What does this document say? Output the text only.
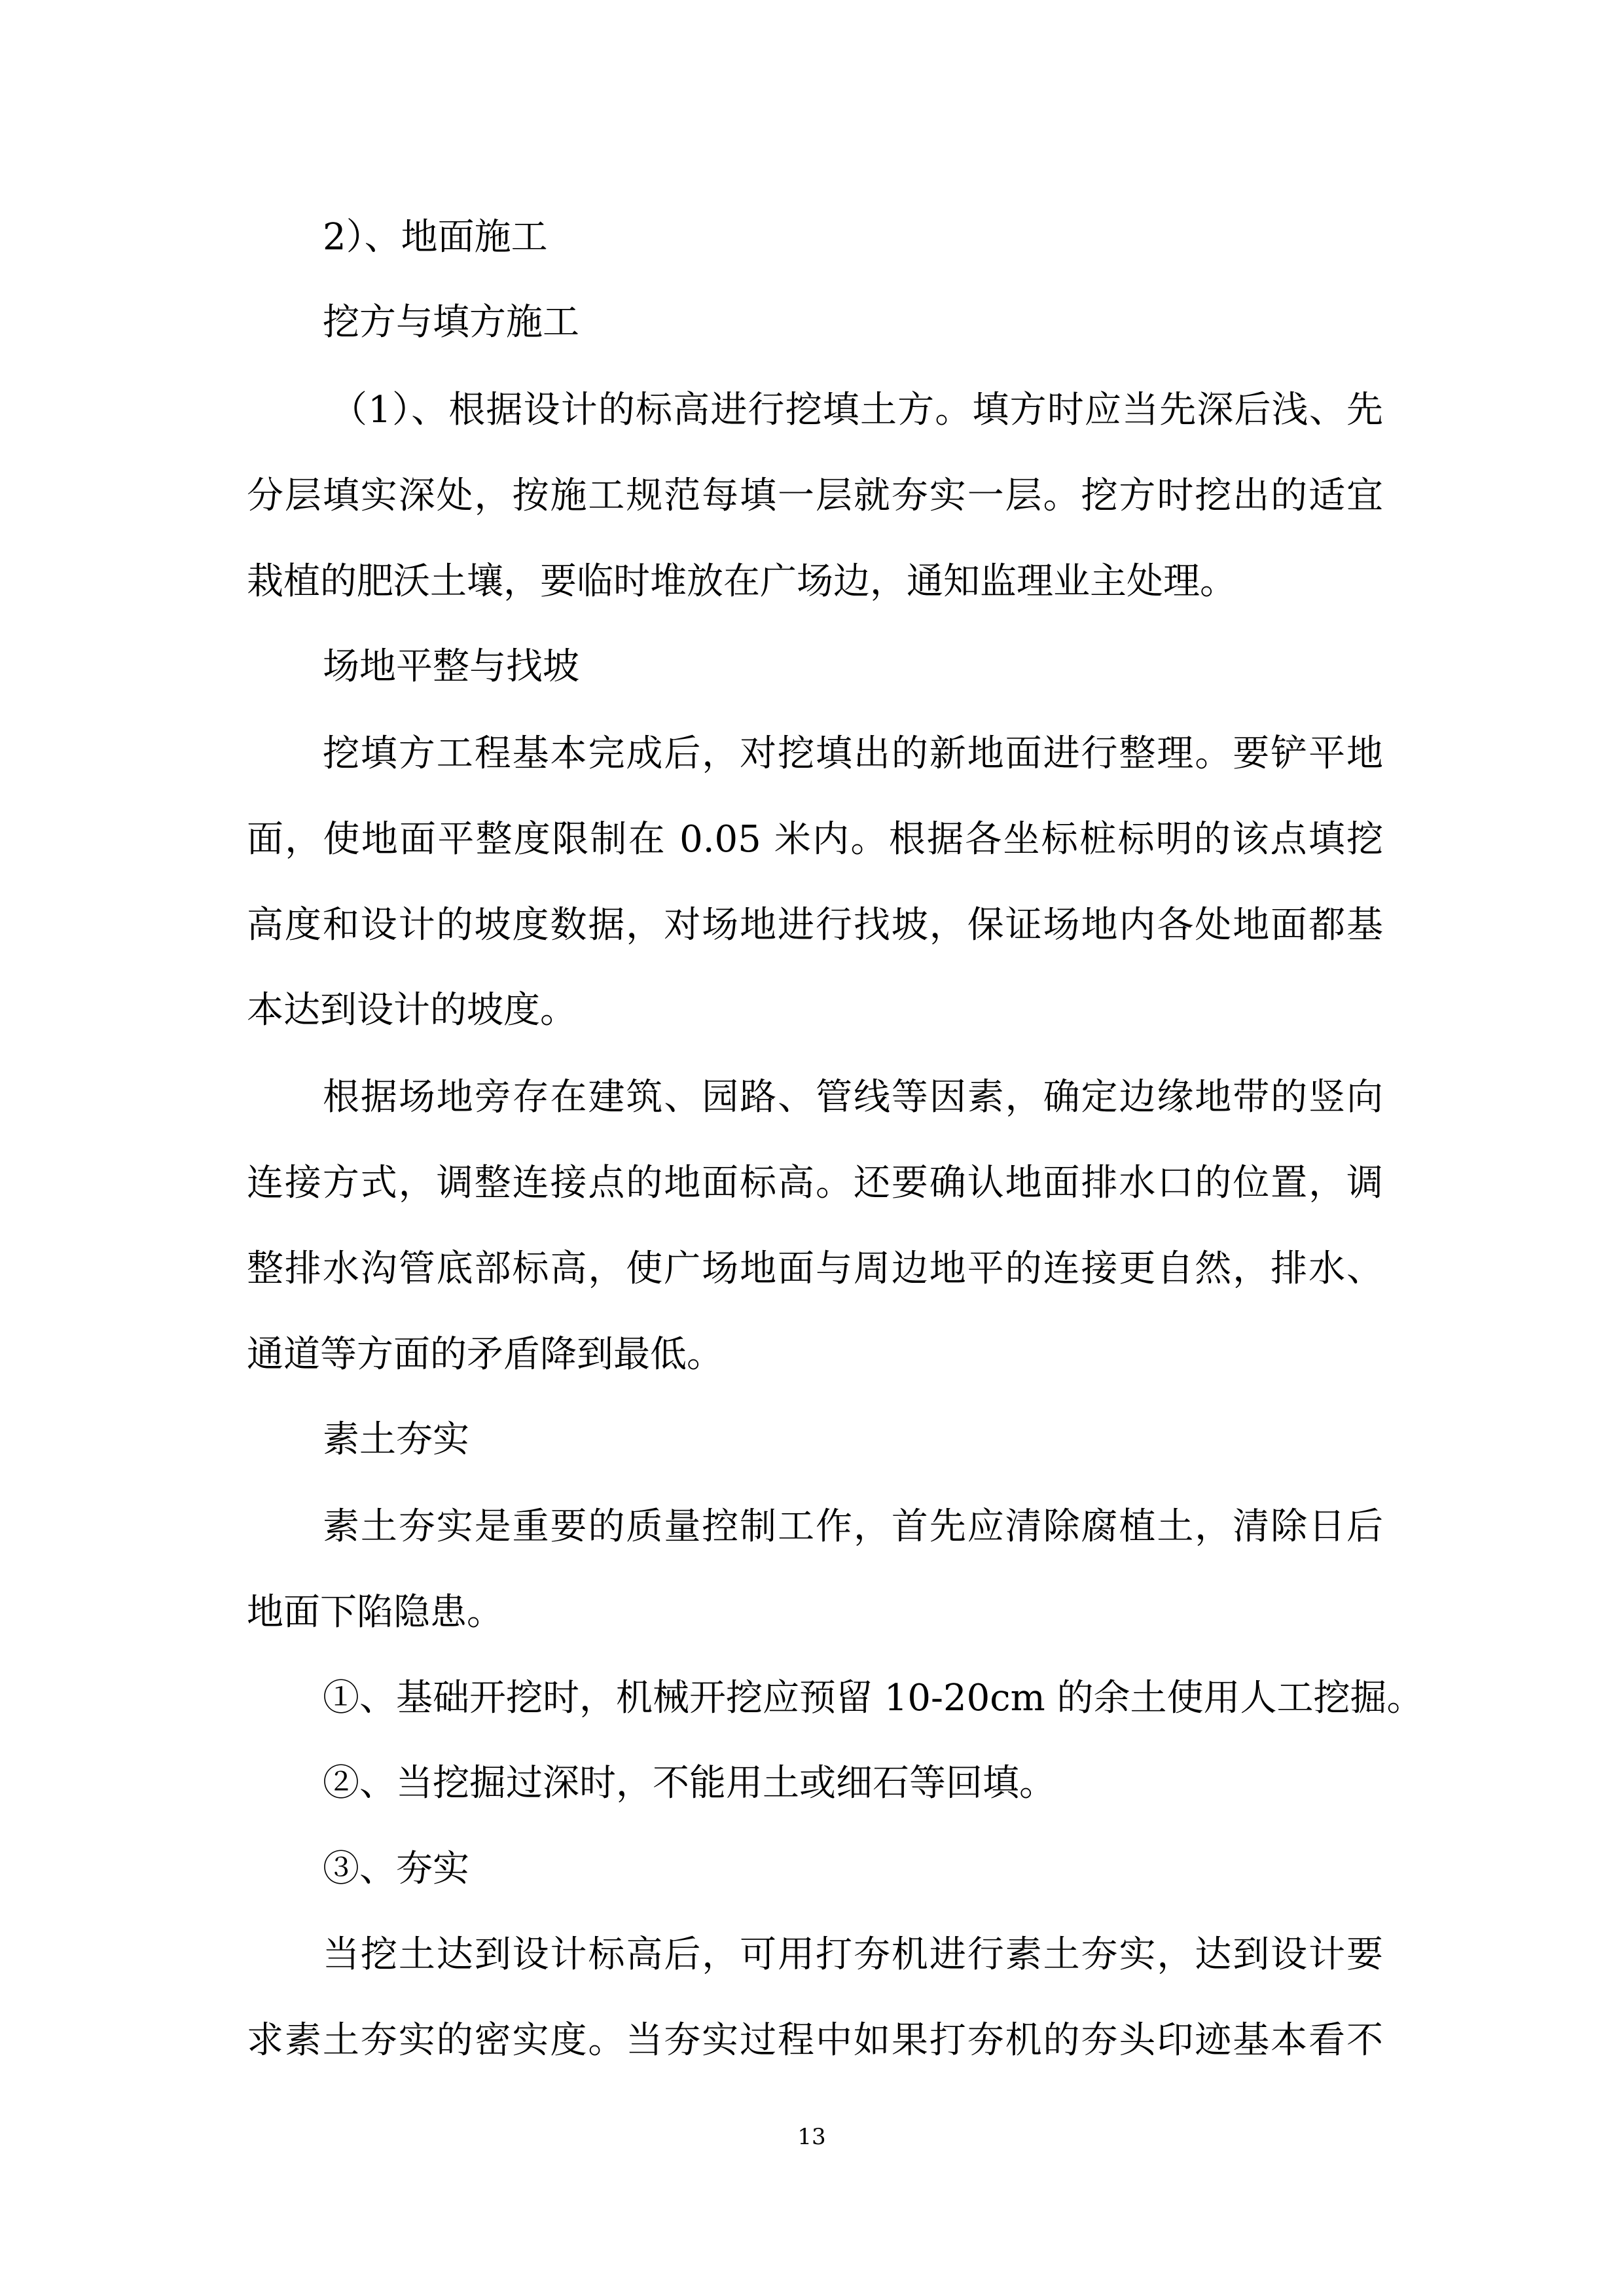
2）、地面施工
挖方与填方施工
（1）、根据设计的标高进行挖填土方。填方时应当先深后浅、先
分层填实深处，按施工规范每填一层就夯实一层。挖方时挖出的适宜
栽植的肥沃土壤，要临时堆放在广场边，通知监理业主处理。
场地平整与找坡
挖填方工程基本完成后，对挖填出的新地面进行整理。要铲平地
面，使地面平整度限制在 0.05 米内。根据各坐标桩标明的该点填挖
高度和设计的坡度数据，对场地进行找坡，保证场地内各处地面都基
本达到设计的坡度。
根据场地旁存在建筑、园路、管线等因素，确定边缘地带的竖向
连接方式，调整连接点的地面标高。还要确认地面排水口的位置，调
整排水沟管底部标高，使广场地面与周边地平的连接更自然，排水、
通道等方面的矛盾降到最低。
素土夯实
素土夯实是重要的质量控制工作，首先应清除腐植土，清除日后
地面下陷隐患。
①、基础开挖时，机械开挖应预留 10-20cm 的余土使用人工挖掘。
②、当挖掘过深时，不能用土或细石等回填。
③、夯实
当挖土达到设计标高后，可用打夯机进行素土夯实，达到设计要
求素土夯实的密实度。当夯实过程中如果打夯机的夯头印迹基本看不
13
